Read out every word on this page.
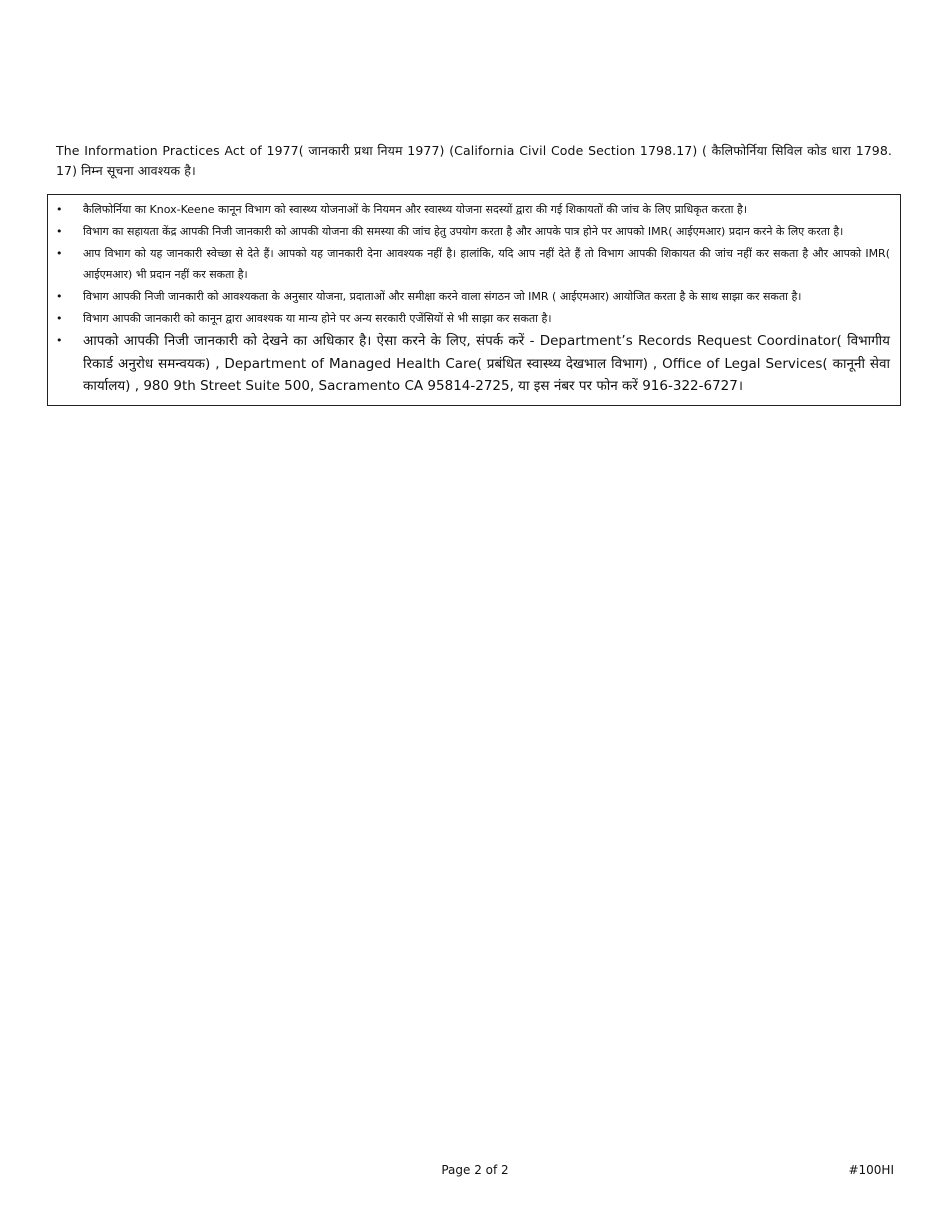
The Information Practices Act of 1977( जानकारी प्रथा नियम 1977) (California Civil Code Section 1798.17) ( कैलिफोर्निया सिविल कोड धारा 1798. 17) निम्न सूचना आवश्यक है।

• कैलिफोर्निया का Knox-Keene कानून विभाग को स्वास्थ्य योजनाओं के नियमन और स्वास्थ्य योजना सदस्यों द्वारा की गई शिकायतों की जांच के लिए प्राधिकृत करता है।
• विभाग का सहायता केंद्र आपकी निजी जानकारी को आपकी योजना की समस्या की जांच हेतु उपयोग करता है और आपके पात्र होने पर आपको IMR( आईएमआर) प्रदान करने के लिए करता है।
• आप विभाग को यह जानकारी स्वेच्छा से देते हैं। आपको यह जानकारी देना आवश्यक नहीं है। हालांकि, यदि आप नहीं देते हैं तो विभाग आपकी शिकायत की जांच नहीं कर सकता है और आपको IMR( आईएमआर) भी प्रदान नहीं कर सकता है।
• विभाग आपकी निजी जानकारी को आवश्यकता के अनुसार योजना, प्रदाताओं और समीक्षा करने वाला संगठन जो IMR ( आईएमआर) आयोजित करता है के साथ साझा कर सकता है।
• विभाग आपकी जानकारी को कानून द्वारा आवश्यक या मान्य होने पर अन्य सरकारी एजेंसियों से भी साझा कर सकता है।
• आपको आपकी निजी जानकारी को देखने का अधिकार है। ऐसा करने के लिए, संपर्क करें - Department’s Records Request Coordinator( विभागीय रिकार्ड अनुरोध समन्वयक) , Department of Managed Health Care( प्रबंधित स्वास्थ्य देखभाल विभाग) , Office of Legal Services( कानूनी सेवा कार्यालय) , 980 9th Street Suite 500, Sacramento CA 95814-2725, या इस नंबर पर फोन करें 916-322-6727।
Page 2 of 2	#100HI
